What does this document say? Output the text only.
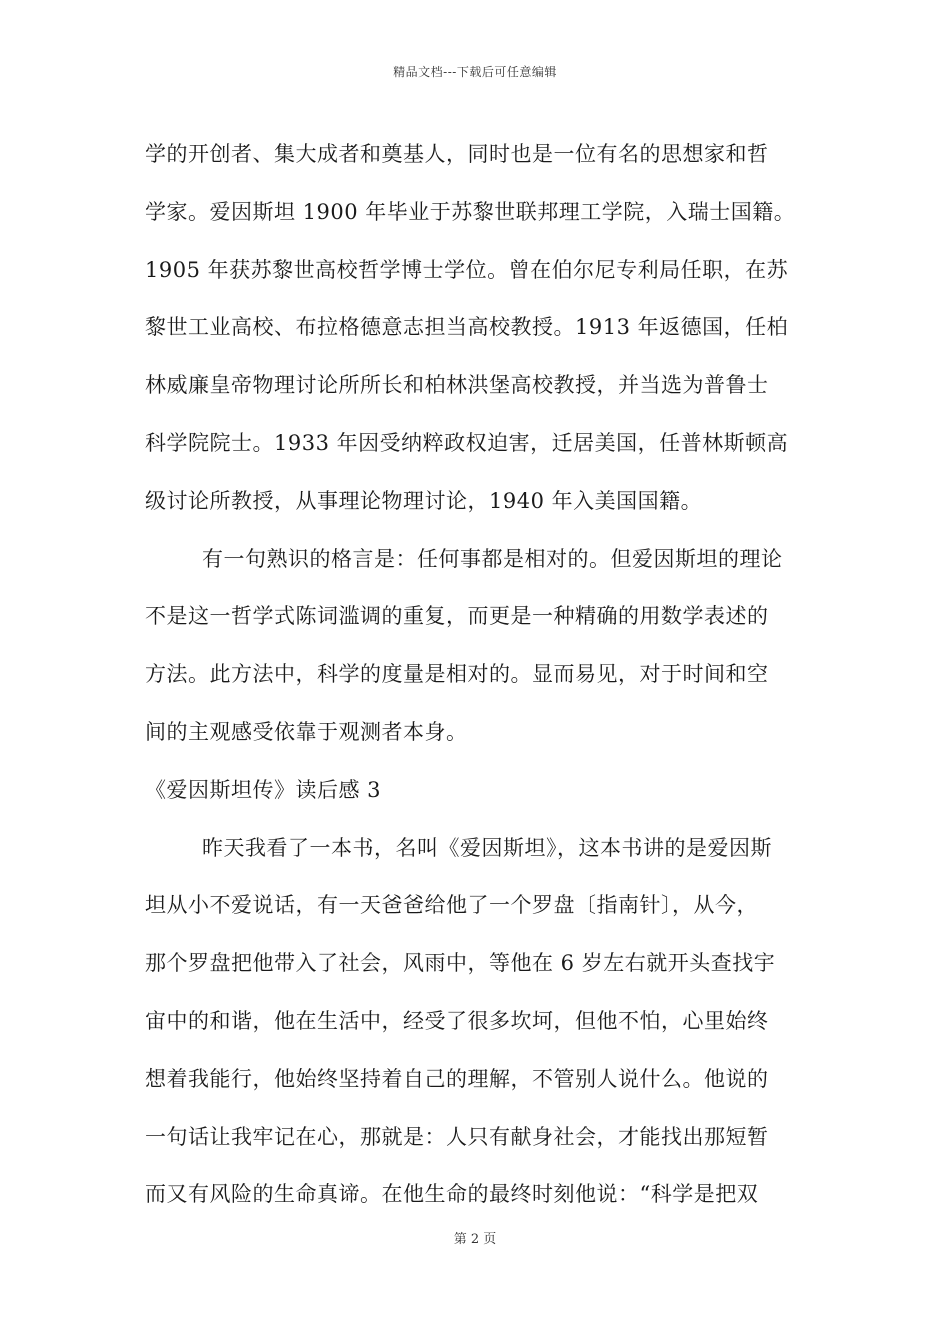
精品文档---下载后可任意编辑
学的开创者、集大成者和奠基人，同时也是一位有名的思想家和哲
学家。爱因斯坦 1900 年毕业于苏黎世联邦理工学院，入瑞士国籍。
1905 年获苏黎世高校哲学博士学位。曾在伯尔尼专利局任职，在苏
黎世工业高校、布拉格德意志担当高校教授。1913 年返德国，任柏
林威廉皇帝物理讨论所所长和柏林洪堡高校教授，并当选为普鲁士
科学院院士。1933 年因受纳粹政权迫害，迁居美国，任普林斯顿高
级讨论所教授，从事理论物理讨论，1940 年入美国国籍。
有一句熟识的格言是：任何事都是相对的。但爱因斯坦的理论
不是这一哲学式陈词滥调的重复，而更是一种精确的用数学表述的
方法。此方法中，科学的度量是相对的。显而易见，对于时间和空
间的主观感受依靠于观测者本身。
《爱因斯坦传》读后感 3
昨天我看了一本书，名叫《爱因斯坦》，这本书讲的是爱因斯
坦从小不爱说话，有一天爸爸给他了一个罗盘〔指南针〕，从今，
那个罗盘把他带入了社会，风雨中，等他在 6 岁左右就开头查找宇
宙中的和谐，他在生活中，经受了很多坎坷，但他不怕，心里始终
想着我能行，他始终坚持着自己的理解，不管别人说什么。他说的
一句话让我牢记在心，那就是：人只有献身社会，才能找出那短暂
而又有风险的生命真谛。在他生命的最终时刻他说：“科学是把双
第 2 页
